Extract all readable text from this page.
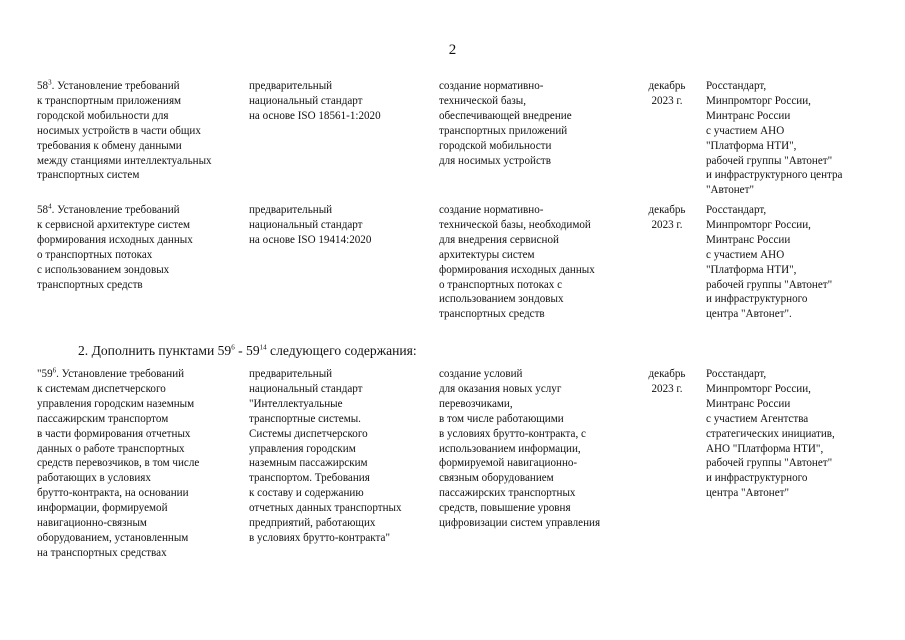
2
$58^3$. Установление требований
к транспортным приложениям
городской мобильности для
носимых устройств в части общих
требования к обмену данными
между станциями интеллектуальных
транспортных систем
предварительный
национальный стандарт
на основе ISO 18561-1:2020
создание нормативно-
технической базы,
обеспечивающей внедрение
транспортных приложений
городской мобильности
для носимых устройств
декабрь
2023 г.
Росстандарт,
Минпромторг России,
Минтранс России
с участием АНО
"Платформа НТИ",
рабочей группы "Автонет"
и инфраструктурного центра
"Автонет"
$58^4$. Установление требований
к сервисной архитектуре систем
формирования исходных данных
о транспортных потоках
с использованием зондовых
транспортных средств
предварительный
национальный стандарт
на основе ISO 19414:2020
создание нормативно-
технической базы, необходимой
для внедрения сервисной
архитектуры систем
формирования исходных данных
о транспортных потоках с
использованием зондовых
транспортных средств
декабрь
2023 г.
Росстандарт,
Минпромторг России,
Минтранс России
с участием АНО
"Платформа НТИ",
рабочей группы "Автонет"
и инфраструктурного
центра "Автонет".
2. Дополнить пунктами $59^6 - 59^{14}$ следующего содержания:
"$59^6$. Установление требований
к системам диспетчерского
управления городским наземным
пассажирским транспортом
в части формирования отчетных
данных о работе транспортных
средств перевозчиков, в том числе
работающих в условиях
брутто-контракта, на основании
информации, формируемой
навигационно-связным
оборудованием, установленным
на транспортных средствах
предварительный
национальный стандарт
"Интеллектуальные
транспортные системы.
Системы диспетчерского
управления городским
наземным пассажирским
транспортом. Требования
к составу и содержанию
отчетных данных транспортных
предприятий, работающих
в условиях брутто-контракта"
создание условий
для оказания новых услуг
перевозчиками,
в том числе работающими
в условиях брутто-контракта, с
использованием информации,
формируемой навигационно-
связным оборудованием
пассажирских транспортных
средств, повышение уровня
цифровизации систем управления
декабрь
2023 г.
Росстандарт,
Минпромторг России,
Минтранс России
с участием Агентства
стратегических инициатив,
АНО "Платформа НТИ",
рабочей группы "Автонет"
и инфраструктурного
центра "Автонет"
